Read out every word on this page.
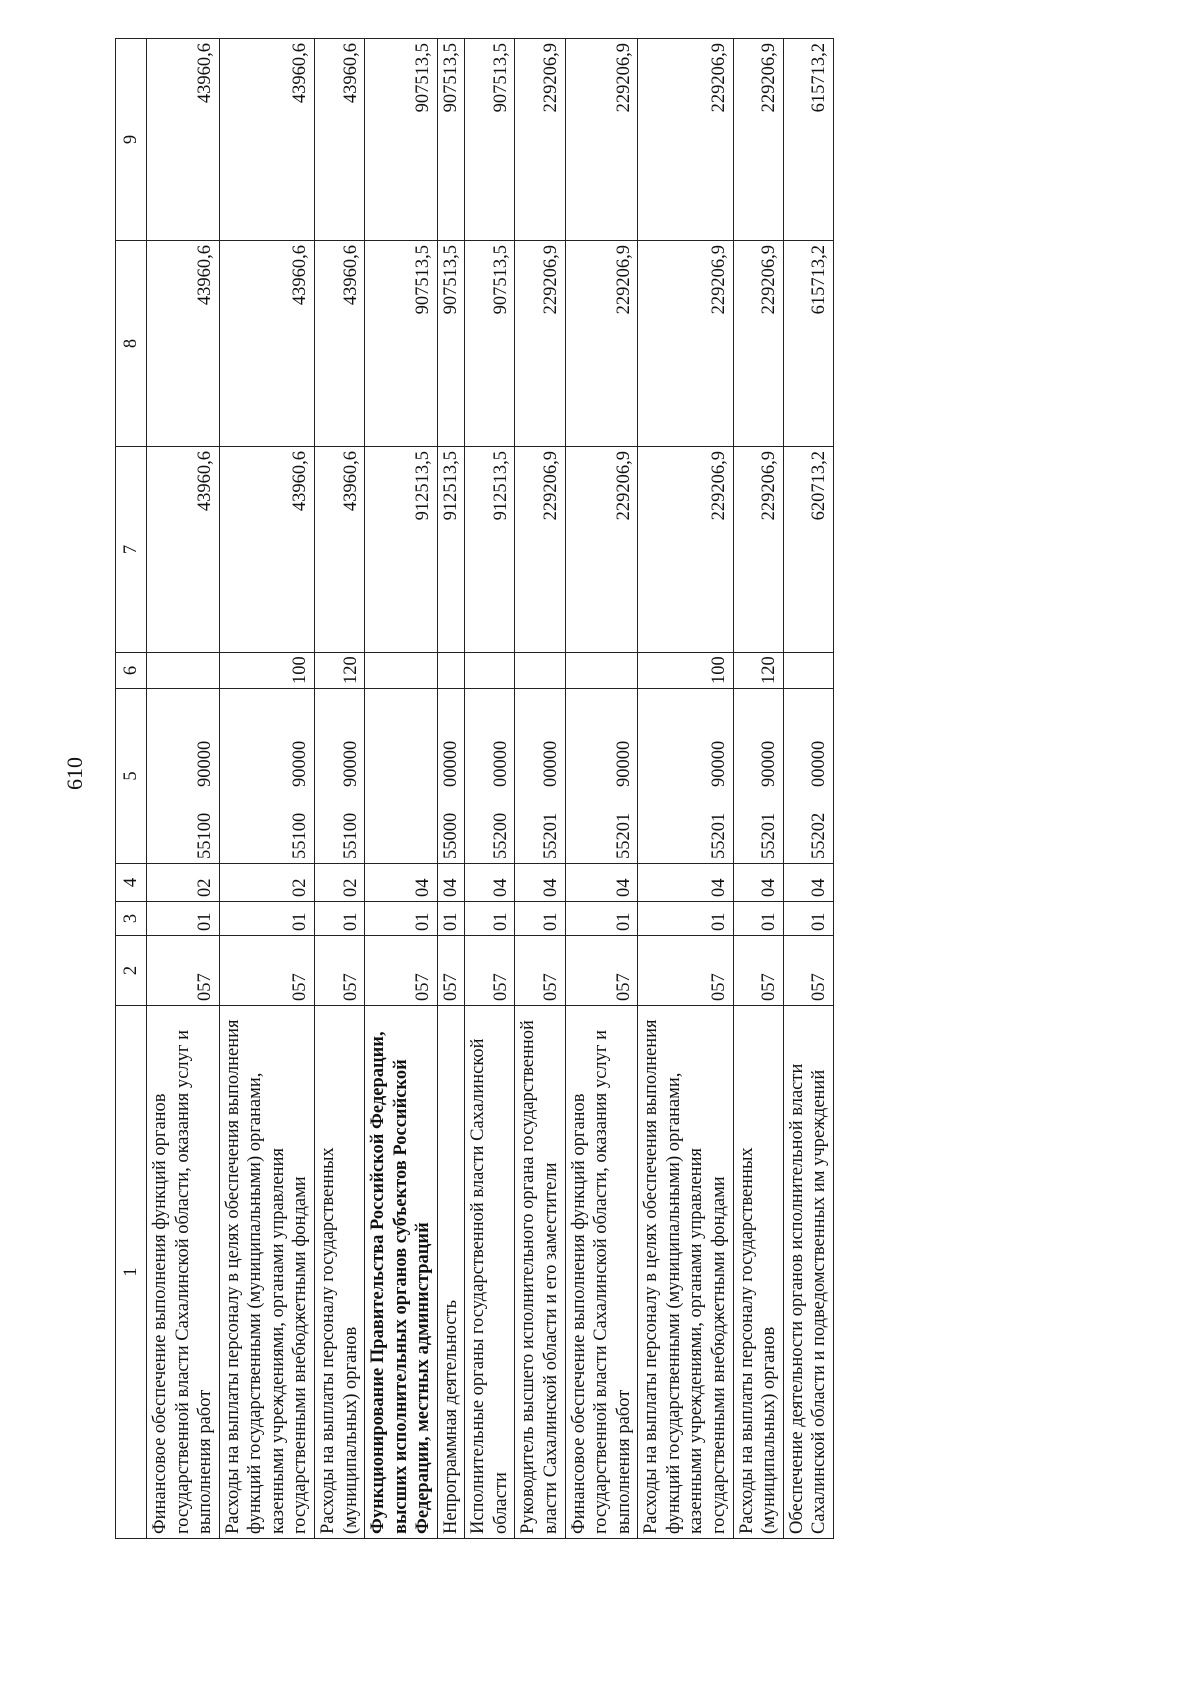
610
1	2	3	4	5	6	7	8	9
Финансовое обеспечение выполнения функций органов государственной власти Сахалинской области, оказания услуг и выполнения работ	057	01	02	5510090000		43960,6	43960,6	43960,6
Расходы на выплаты персоналу в целях обеспечения выполнения функций государственными (муниципальными) органами, казенными учреждениями, органами управления государственными внебюджетными фондами	057	01	02	5510090000	100	43960,6	43960,6	43960,6
Расходы на выплаты персоналу государственных (муниципальных) органов	057	01	02	5510090000	120	43960,6	43960,6	43960,6
Функционирование Правительства Российской Федерации, высших исполнительных органов субъектов Российской Федерации, местных администраций	057	01	04			912513,5	907513,5	907513,5
Непрограммная деятельность	057	01	04	5500000000		912513,5	907513,5	907513,5
Исполнительные органы государственной власти Сахалинской области	057	01	04	5520000000		912513,5	907513,5	907513,5
Руководитель высшего исполнительного органа государственной власти Сахалинской области и его заместители	057	01	04	5520100000		229206,9	229206,9	229206,9
Финансовое обеспечение выполнения функций органов государственной власти Сахалинской области, оказания услуг и выполнения работ	057	01	04	5520190000		229206,9	229206,9	229206,9
Расходы на выплаты персоналу в целях обеспечения выполнения функций государственными (муниципальными) органами, казенными учреждениями, органами управления государственными внебюджетными фондами	057	01	04	5520190000	100	229206,9	229206,9	229206,9
Расходы на выплаты персоналу государственных (муниципальных) органов	057	01	04	5520190000	120	229206,9	229206,9	229206,9
Обеспечение деятельности органов исполнительной власти Сахалинской области и подведомственных им учреждений	057	01	04	5520200000		620713,2	615713,2	615713,2
